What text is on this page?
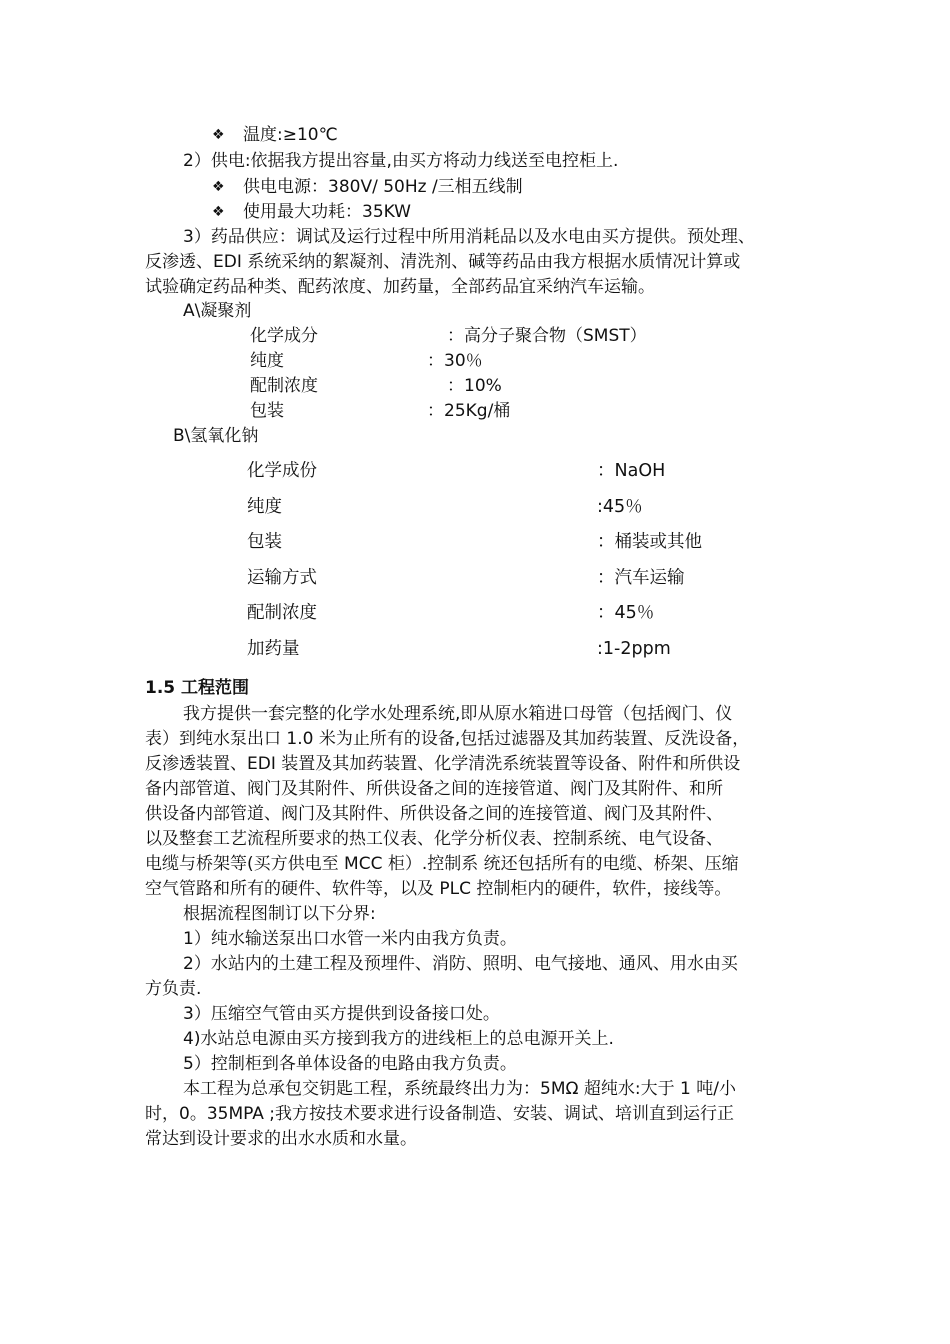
❖ 温度:≥10℃
2）供电:依据我方提出容量,由买方将动力线送至电控柜上.
❖ 供电电源：380V/ 50Hz /三相五线制
❖ 使用最大功耗：35KW
3）药品供应：调试及运行过程中所用消耗品以及水电由买方提供。预处理、
反渗透、EDI 系统采纳的絮凝剂、清洗剂、碱等药品由我方根据水质情况计算或
试验确定药品种类、配药浓度、加药量，全部药品宜采纳汽车运输。
A\凝聚剂
化学成分	：高分子聚合物（SMST）
纯度	：30％
配制浓度	：10%
包装	：25Kg/桶
B\氢氧化钠
化学成份	：NaOH
纯度	:45％
包装	：桶装或其他
运输方式	：汽车运输
配制浓度	：45％
加药量	:1-2ppm
1.5 工程范围
我方提供一套完整的化学水处理系统,即从原水箱进口母管（包括阀门、仪
表）到纯水泵出口 1.0 米为止所有的设备,包括过滤器及其加药装置、反洗设备，
反渗透装置、EDI 装置及其加药装置、化学清洗系统装置等设备、附件和所供设
备内部管道、阀门及其附件、所供设备之间的连接管道、阀门及其附件、和所
供设备内部管道、阀门及其附件、所供设备之间的连接管道、阀门及其附件、
以及整套工艺流程所要求的热工仪表、化学分析仪表、控制系统、电气设备、
电缆与桥架等(买方供电至 MCC 柜）.控制系 统还包括所有的电缆、桥架、压缩
空气管路和所有的硬件、软件等，以及 PLC 控制柜内的硬件，软件，接线等。
根据流程图制订以下分界:
1）纯水输送泵出口水管一米内由我方负责。
2）水站内的土建工程及预埋件、消防、照明、电气接地、通风、用水由买
方负责.
3）压缩空气管由买方提供到设备接口处。
4)水站总电源由买方接到我方的进线柜上的总电源开关上.
5）控制柜到各单体设备的电路由我方负责。
本工程为总承包交钥匙工程，系统最终出力为：5MΩ 超纯水:大于 1 吨/小
时，0。35MPA ;我方按技术要求进行设备制造、安装、调试、培训直到运行正
常达到设计要求的出水水质和水量。
